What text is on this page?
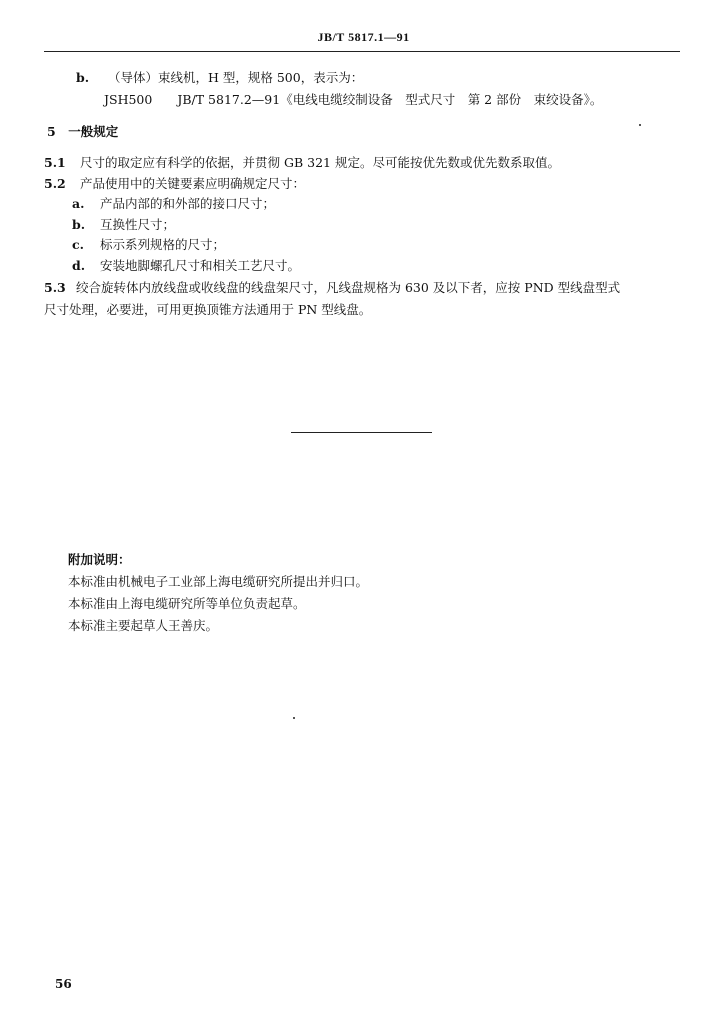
JB/T 5817.1—91
b. （导体）束线机，H 型，规格 500，表示为：
JSH500　　JB/T 5817.2—91《电线电缆绞制设备　型式尺寸　第 2 部份　束绞设备》。
5　一般规定
5.1 尺寸的取定应有科学的依据，并贯彻 GB 321 规定。尽可能按优先数或优先数系取值。
5.2 产品使用中的关键要素应明确规定尺寸：
a. 产品内部的和外部的接口尺寸；
b. 互换性尺寸；
c. 标示系列规格的尺寸；
d. 安装地脚螺孔尺寸和相关工艺尺寸。
5.3 绞合旋转体内放线盘或收线盘的线盘架尺寸，凡线盘规格为 630 及以下者，应按 PND 型线盘型式
尺寸处理，必要进，可用更换顶锥方法通用于 PN 型线盘。
附加说明：
本标准由机械电子工业部上海电缆研究所提出并归口。
本标准由上海电缆研究所等单位负责起草。
本标准主要起草人王善庆。
56
